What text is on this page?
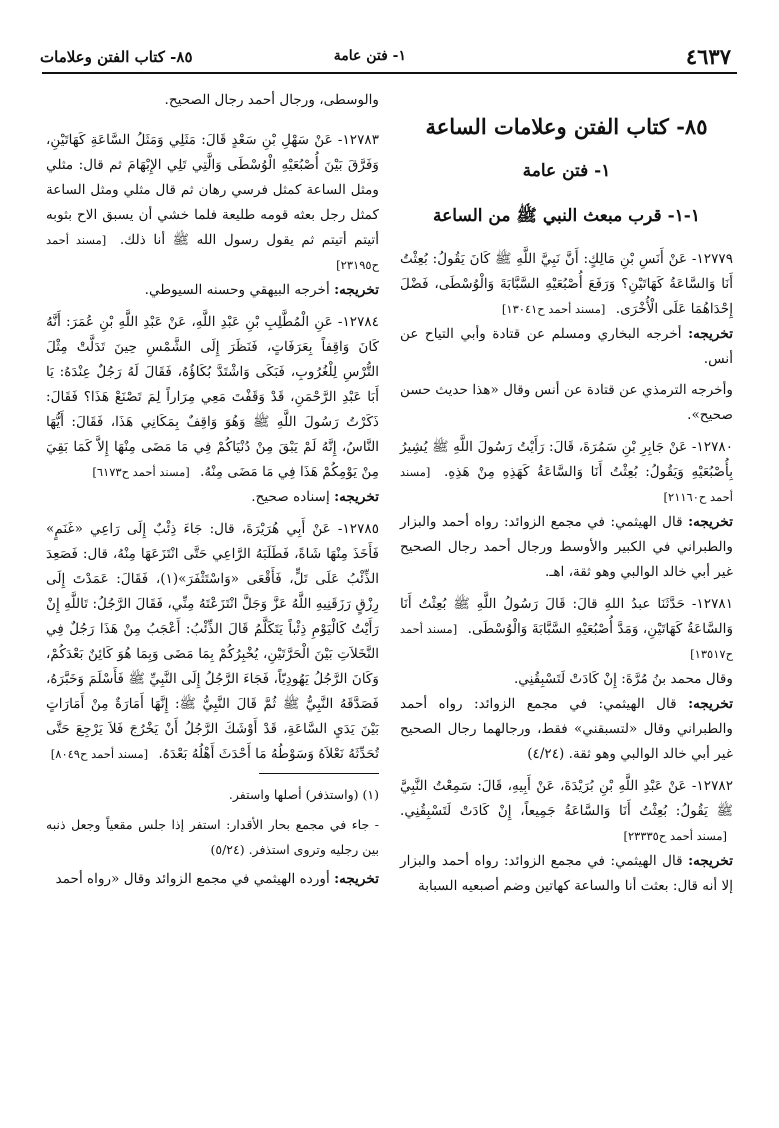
٤٦٣٧
١- فتن عامة
٨٥- كتاب الفتن وعلامات

٨٥- كتاب الفتن وعلامات الساعة

١- فتن عامة

١-١- قرب مبعث النبي ﷺ من الساعة

١٢٧٧٩- عَنْ أَنَسِ بْنِ مَالِكٍ: أَنَّ نَبِيَّ اللَّهِ ﷺ كَانَ يَقُولُ: بُعِثْتُ أَنَا وَالسَّاعَةُ كَهَاتَيْنِ؟ وَرَفَعَ أُصْبُعَيْهِ السَّبَّابَةَ وَالْوُسْطَى، فَضْلَ إِحْدَاهُمَا عَلَى الْأُخْرَى. [مسند أحمد ح١٣٠٤١]

تخريجه: أخرجه البخاري ومسلم عن قتادة وأبي التياح عن أنس.

وأخرجه الترمذي عن قتادة عن أنس وقال «هذا حديث حسن صحيح».

١٢٧٨٠- عَنْ جَابِرِ بْنِ سَمُرَةَ، قَالَ: رَأَيْتُ رَسُولَ اللَّهِ ﷺ يُشِيرُ بِأُصْبُعَيْهِ وَيَقُولُ: بُعِثْتُ أَنَا وَالسَّاعَةُ كَهَذِهِ مِنْ هَذِهِ. [مسند أحمد ح٢١١٦٠]

تخريجه: قال الهيثمي: في مجمع الزوائد: رواه أحمد والبزار والطبراني في الكبير والأوسط ورجال أحمد رجال الصحيح غير أبي خالد الوالبي وهو ثقة، اهـ.

١٢٧٨١- حَدَّثَنَا عبدُ اللهِ قالَ: قَالَ رَسُولُ اللَّهِ ﷺ بُعِثْتُ أَنَا وَالسَّاعَةُ كَهَاتَيْنِ، وَمَدَّ أُصْبُعَيْهِ السَّبَّابَةَ وَالْوُسْطَى. [مسند أحمد ح١٣٥١٧]

وقال محمد بنُ مُرَّةَ: إِنْ كَادَتْ لَتَسْبِقُنِي.

تخريجه: قال الهيثمي: في مجمع الزوائد: رواه أحمد والطبراني وقال «لتسبقني» فقط، ورجالهما رجال الصحيح غير أبي خالد الوالبي وهو ثقة. (٤/٢٤)

١٢٧٨٢- عَنْ عَبْدِ اللَّهِ بْنِ بُرَيْدَةَ، عَنْ أَبِيهِ، قَالَ: سَمِعْتُ النَّبِيَّ ﷺ يَقُولُ: بُعِثْتُ أَنَا وَالسَّاعَةُ جَمِيعاً، إِنْ كَادَتْ لَتَسْبِقُنِي. [مسند أحمد ح٢٣٣٣٥]

تخريجه: قال الهيثمي: في مجمع الزوائد: رواه أحمد والبزار إلا أنه قال: بعثت أنا والساعة كهاتين وضم أصبعيه السبابة

والوسطى، ورجال أحمد رجال الصحيح.

١٢٧٨٣- عَنْ سَهْلِ بْنِ سَعْدٍ قَالَ: مَثَلِي وَمَثَلُ السَّاعَةِ كَهَاتَيْنِ، وَفَرَّقَ بَيْنَ أُصْبُعَيْهِ الْوُسْطَى وَالَّتِي تَلِي الإِبْهَامَ ثم قال: مثلي ومثل الساعة كمثل فرسي رهان ثم قال مثلي ومثل الساعة كمثل رجل بعثه قومه طليعة فلما خشي أن يسبق الاح بثوبه أتيتم أتيتم ثم يقول رسول الله ﷺ أنا ذلك. [مسند أحمد ح٢٣١٩٥]

تخريجه: أخرجه البيهقي وحسنه السيوطي.

١٢٧٨٤- عَنِ الْمُطَّلِبِ بْنِ عَبْدِ اللَّهِ، عَنْ عَبْدِ اللَّهِ بْنِ عُمَرَ: أَنَّهُ كَانَ وَاقِفاً بِعَرَفَاتٍ، فَنَظَرَ إِلَى الشَّمْسِ حِينَ تَدَلَّتْ مِثْلَ التُّرْسِ لِلْغُرُوبِ، فَبَكَى وَاشْتَدَّ بُكَاؤُهُ، فَقَالَ لَهُ رَجُلٌ عِنْدَهُ: يَا أَبَا عَبْدِ الرَّحْمَنِ، قَدْ وَقَفْتَ مَعِي مِرَاراً لِمَ تَصْنَعْ هَذَا؟ فَقَالَ: ذَكَرْتُ رَسُولَ اللَّهِ ﷺ وَهُوَ وَاقِفٌ بِمَكَانِي هَذَا، فَقَالَ: أَيُّهَا النَّاسُ، إِنَّهُ لَمْ يَبْقَ مِنْ دُنْيَاكُمْ فِي مَا مَضَى مِنْهَا إِلاَّ كَمَا بَقِيَ مِنْ يَوْمِكُمْ هَذَا فِي مَا مَضَى مِنْهُ. [مسند أحمد ح٦١٧٣]

تخريجه: إسناده صحيح.

١٢٧٨٥- عَنْ أَبِي هُرَيْرَةَ، قال: جَاءَ ذِئْبٌ إِلَى رَاعِي «غَنَمٍ» فَأَخَذَ مِنْهَا شَاةً، فَطَلَبَهُ الرَّاعِي حَتَّى انْتَزَعَهَا مِنْهُ، قال: فَصَعِدَ الذِّئْبُ عَلَى تَلٍّ، فَأَقْعَى «وَاسْتَثْفَرَ»(١)، فَقَالَ: عَمَدْتَ إِلَى رِزْقٍ رَزَقَنِيهِ اللَّهُ عَزَّ وَجَلَّ انْتَزَعْتَهُ مِنِّي، فَقَالَ الرَّجُلُ: تَاللَّهِ إِنْ رَأَيْتُ كَالْيَوْمِ ذِئْباً يَتَكَلَّمُ قَالَ الذِّئْبُ: أَعْجَبُ مِنْ هَذَا رَجُلٌ فِي النَّخَلاَتِ بَيْنَ الْحَرَّتَيْنِ، يُخْبِرُكُمْ بِمَا مَضَى وَبِمَا هُوَ كَائِنٌ بَعْدَكُمْ، وَكَانَ الرَّجُلُ يَهُودِيّاً، فَجَاءَ الرَّجُلُ إِلَى النَّبِيِّ ﷺ فَأَسْلَمَ وَخَبَّرَهُ، فَصَدَّقَهُ النَّبِيُّ ﷺ ثُمَّ قَالَ النَّبِيُّ ﷺ: إِنَّهَا أَمَارَةٌ مِنْ أَمَارَاتٍ بَيْنَ يَدَيِ السَّاعَةِ، قَدْ أَوْشَكَ الرَّجُلُ أَنْ يَخْرُجَ فَلاَ يَرْجِعَ حَتَّى تُحَدِّثَهُ نَعْلاَهُ وَسَوْطُهُ مَا أَحْدَثَ أَهْلُهُ بَعْدَهُ. [مسند أحمد ح٨٠٤٩]

(١) (واستذفر) أصلها واستفر.

- جاء في مجمع بحار الأقدار: استفر إذا جلس مقعياً وجعل ذنبه بين رجليه وتروى استذفر. (٥/٢٤)

تخريجه: أورده الهيثمي في مجمع الزوائد وقال «رواه أحمد
